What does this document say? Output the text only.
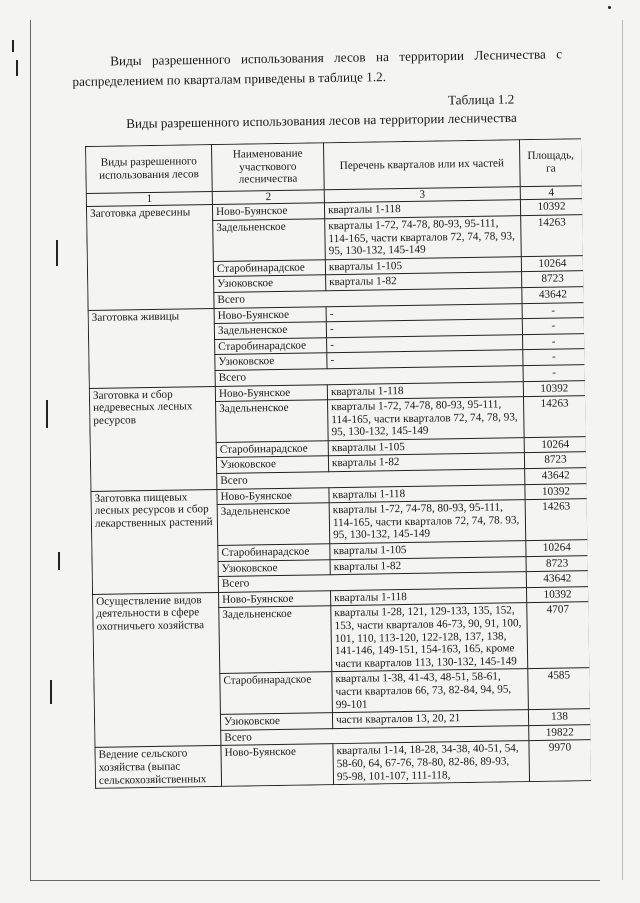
Виды разрешенного использования лесов на территории Лесничества с распределением по кварталам приведены в таблице 1.2.

Таблица 1.2
Виды разрешенного использования лесов на территории лесничества
Виды разрешенного использования лесов	Наименование участкового лесничества	Перечень кварталов или их частей	Площадь, га
1	2	3	4
Заготовка древесины	Ново-Буянское	кварталы 1-118	10392
	Задельненское	кварталы 1-72, 74-78, 80-93, 95-111, 114-165, части кварталов 72, 74, 78, 93, 95, 130-132, 145-149	14263
	Старобинарадское	кварталы 1-105	10264
	Узюковское	кварталы 1-82	8723
	Всего		43642
Заготовка живицы	Ново-Буянское	-	-
	Задельненское	-	-
	Старобинарадское	-	-
	Узюковское	-	-
	Всего		-
Заготовка и сбор недревесных лесных ресурсов	Ново-Буянское	кварталы 1-118	10392
	Задельненское	кварталы 1-72, 74-78, 80-93, 95-111, 114-165, части кварталов 72, 74, 78, 93, 95, 130-132, 145-149	14263
	Старобинарадское	кварталы 1-105	10264
	Узюковское	кварталы 1-82	8723
	Всего		43642
Заготовка пищевых лесных ресурсов и сбор лекарственных растений	Ново-Буянское	кварталы 1-118	10392
	Задельненское	кварталы 1-72, 74-78, 80-93, 95-111, 114-165, части кварталов 72, 74, 78. 93, 95, 130-132, 145-149	14263
	Старобинарадское	кварталы 1-105	10264
	Узюковское	кварталы 1-82	8723
	Всего		43642
Осуществление видов деятельности в сфере охотничьего хозяйства	Ново-Буянское	кварталы 1-118	10392
	Задельненское	кварталы 1-28, 121, 129-133, 135, 152, 153, части кварталов 46-73, 90, 91, 100, 101, 110, 113-120, 122-128, 137, 138, 141-146, 149-151, 154-163, 165, кроме части кварталов 113, 130-132, 145-149	4707
	Старобинарадское	кварталы 1-38, 41-43, 48-51, 58-61, части кварталов 66, 73, 82-84, 94, 95, 99-101	4585
	Узюковское	части кварталов 13, 20, 21	138
	Всего		19822
Ведение сельского хозяйства (выпас сельскохозяйственных	Ново-Буянское	кварталы 1-14, 18-28, 34-38, 40-51, 54, 58-60, 64, 67-76, 78-80, 82-86, 89-93, 95-98, 101-107, 111-118,	9970
